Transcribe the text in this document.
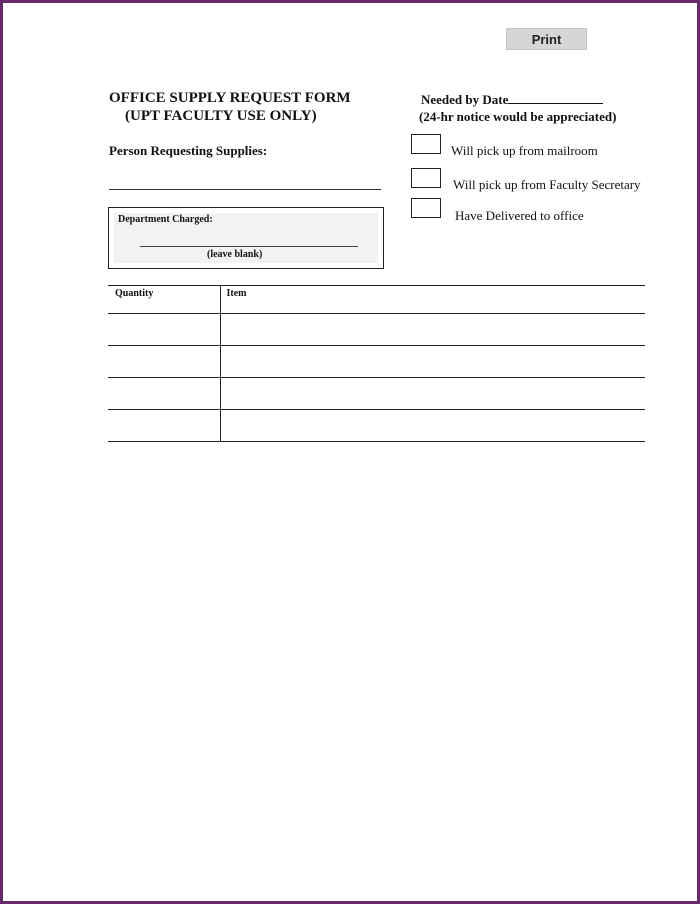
Print
OFFICE SUPPLY REQUEST FORM
(UPT FACULTY USE ONLY)
Needed by Date
(24-hr notice would be appreciated)
Person Requesting Supplies:	Will pick up from mailroom
Will pick up from Faculty Secretary
Have Delivered to office
Department Charged:
(leave blank)
Quantity	Item
